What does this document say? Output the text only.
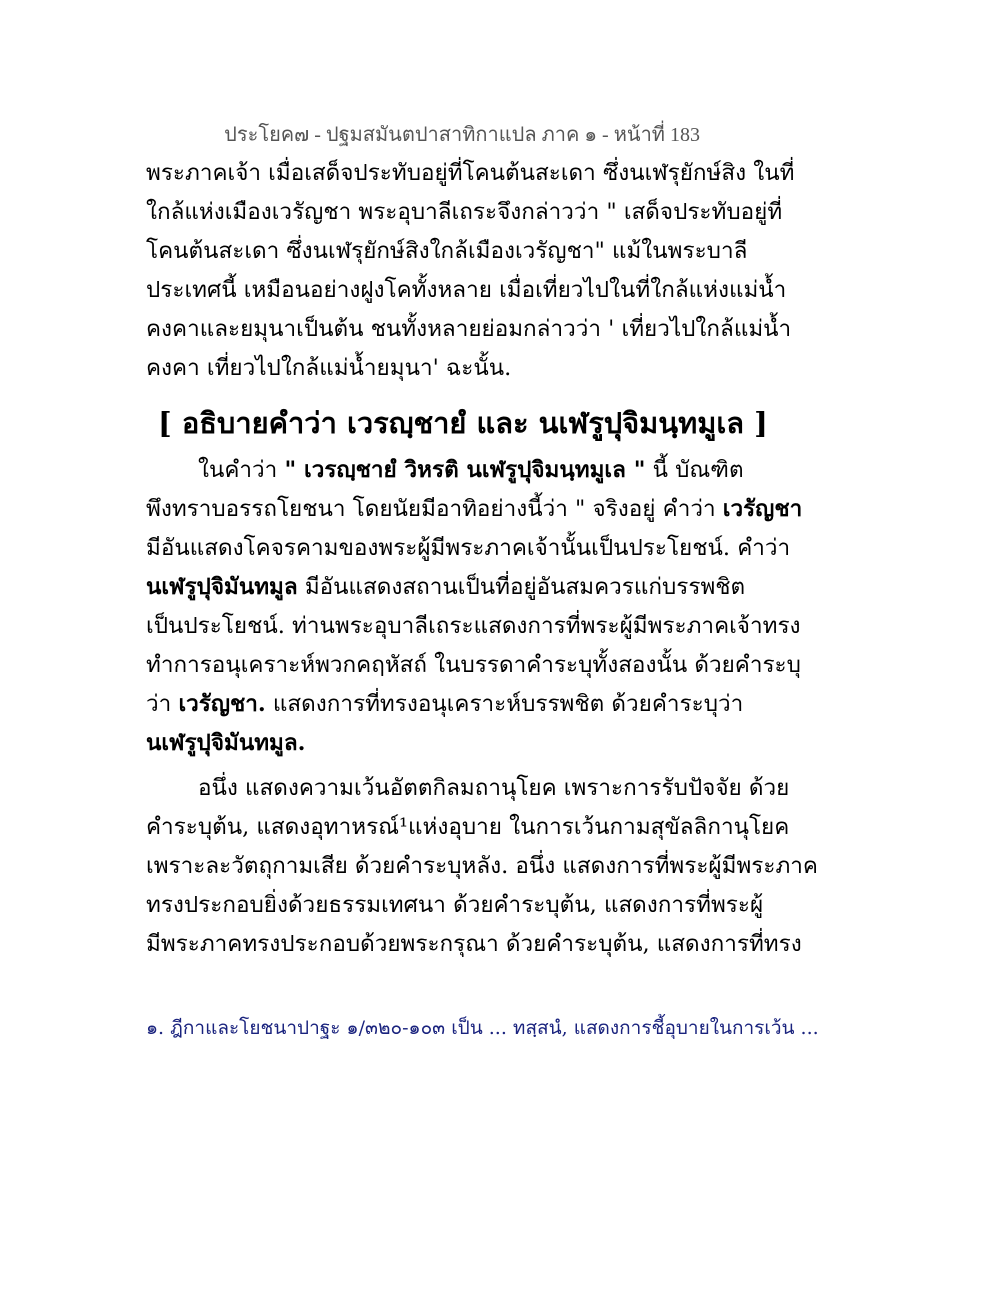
ประโยค๗ - ปฐมสมันตปาสาทิกาแปล ภาค ๑ - หน้าที่ 183
พระภาคเจ้า เมื่อเสด็จประทับอยู่ที่โคนต้นสะเดา ซึ่งนเฬรุยักษ์สิง ในที่
ใกล้แห่งเมืองเวรัญชา พระอุบาลีเถระจึงกล่าวว่า " เสด็จประทับอยู่ที่
โคนต้นสะเดา ซึ่งนเฬรุยักษ์สิงใกล้เมืองเวรัญชา" แม้ในพระบาลี
ประเทศนี้ เหมือนอย่างฝูงโคทั้งหลาย เมื่อเที่ยวไปในที่ใกล้แห่งแม่น้ำ
คงคาและยมุนาเป็นต้น ชนทั้งหลายย่อมกล่าวว่า ' เที่ยวไปใกล้แม่น้ำ
คงคา เที่ยวไปใกล้แม่น้ำยมุนา' ฉะนั้น.
[ อธิบายคำว่า เวรญฺชายํ และ นเฬรูปุจิมนฺทมูเล ]
ในคำว่า " เวรญฺชายํ วิหรติ นเฬรูปุจิมนฺทมูเล " นี้ บัณฑิต
พึงทราบอรรถโยชนา โดยนัยมีอาทิอย่างนี้ว่า " จริงอยู่ คำว่า เวรัญชา
มีอันแสดงโคจรคามของพระผู้มีพระภาคเจ้านั้นเป็นประโยชน์. คำว่า
นเฬรูปุจิมันทมูล มีอันแสดงสถานเป็นที่อยู่อันสมควรแก่บรรพชิต
เป็นประโยชน์. ท่านพระอุบาลีเถระแสดงการที่พระผู้มีพระภาคเจ้าทรง
ทำการอนุเคราะห์พวกคฤหัสถ์ ในบรรดาคำระบุทั้งสองนั้น ด้วยคำระบุ
ว่า เวรัญชา. แสดงการที่ทรงอนุเคราะห์บรรพชิต ด้วยคำระบุว่า
นเฬรูปุจิมันทมูล.
อนึ่ง แสดงความเว้นอัตตกิลมถานุโยค เพราะการรับปัจจัย ด้วย
คำระบุต้น, แสดงอุทาหรณ์¹แห่งอุบาย ในการเว้นกามสุขัลลิกานุโยค
เพราะละวัตถุกามเสีย ด้วยคำระบุหลัง. อนึ่ง แสดงการที่พระผู้มีพระภาค
ทรงประกอบยิ่งด้วยธรรมเทศนา ด้วยคำระบุต้น, แสดงการที่พระผู้
มีพระภาคทรงประกอบด้วยพระกรุณา ด้วยคำระบุต้น, แสดงการที่ทรง
๑. ฎีกาและโยชนาปาฐะ ๑/๓๒๐-๑๐๓ เป็น ... ทสฺสนํ, แสดงการชี้อุบายในการเว้น ...
